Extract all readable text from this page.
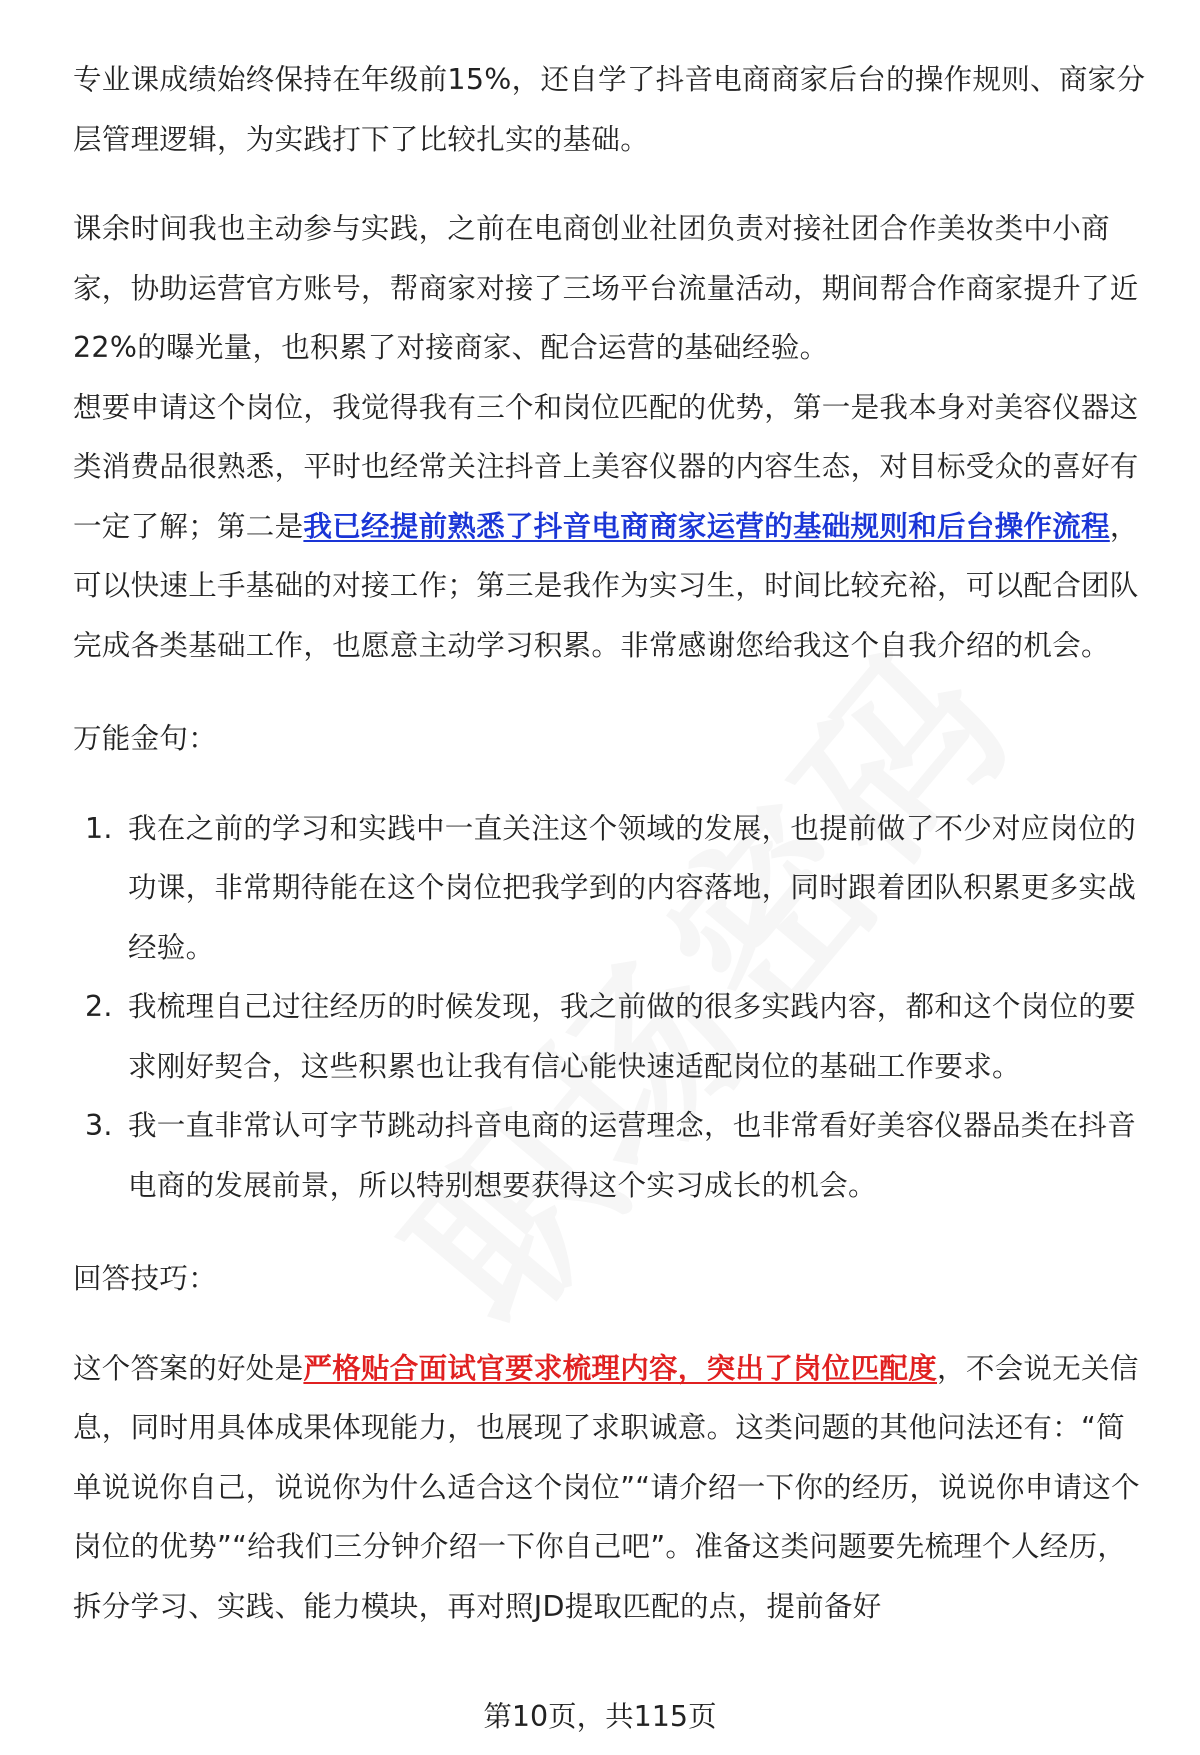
专业课成绩始终保持在年级前15%，还自学了抖音电商商家后台的操作规则、商家分层管理逻辑，为实践打下了比较扎实的基础。

课余时间我也主动参与实践，之前在电商创业社团负责对接社团合作美妆类中小商家，协助运营官方账号，帮商家对接了三场平台流量活动，期间帮合作商家提升了近22%的曝光量，也积累了对接商家、配合运营的基础经验。

想要申请这个岗位，我觉得我有三个和岗位匹配的优势，第一是我本身对美容仪器这类消费品很熟悉，平时也经常关注抖音上美容仪器的内容生态，对目标受众的喜好有一定了解；第二是我已经提前熟悉了抖音电商商家运营的基础规则和后台操作流程，可以快速上手基础的对接工作；第三是我作为实习生，时间比较充裕，可以配合团队完成各类基础工作，也愿意主动学习积累。非常感谢您给我这个自我介绍的机会。

万能金句：

1. 我在之前的学习和实践中一直关注这个领域的发展，也提前做了不少对应岗位的功课，非常期待能在这个岗位把我学到的内容落地，同时跟着团队积累更多实战经验。
2. 我梳理自己过往经历的时候发现，我之前做的很多实践内容，都和这个岗位的要求刚好契合，这些积累也让我有信心能快速适配岗位的基础工作要求。
3. 我一直非常认可字节跳动抖音电商的运营理念，也非常看好美容仪器品类在抖音电商的发展前景，所以特别想要获得这个实习成长的机会。

回答技巧：

这个答案的好处是严格贴合面试官要求梳理内容，突出了岗位匹配度，不会说无关信息，同时用具体成果体现能力，也展现了求职诚意。这类问题的其他问法还有：“简单说说你自己，说说你为什么适合这个岗位”“请介绍一下你的经历，说说你申请这个岗位的优势”“给我们三分钟介绍一下你自己吧”。准备这类问题要先梳理个人经历，拆分学习、实践、能力模块，再对照JD提取匹配的点，提前备好

第10页，共115页
